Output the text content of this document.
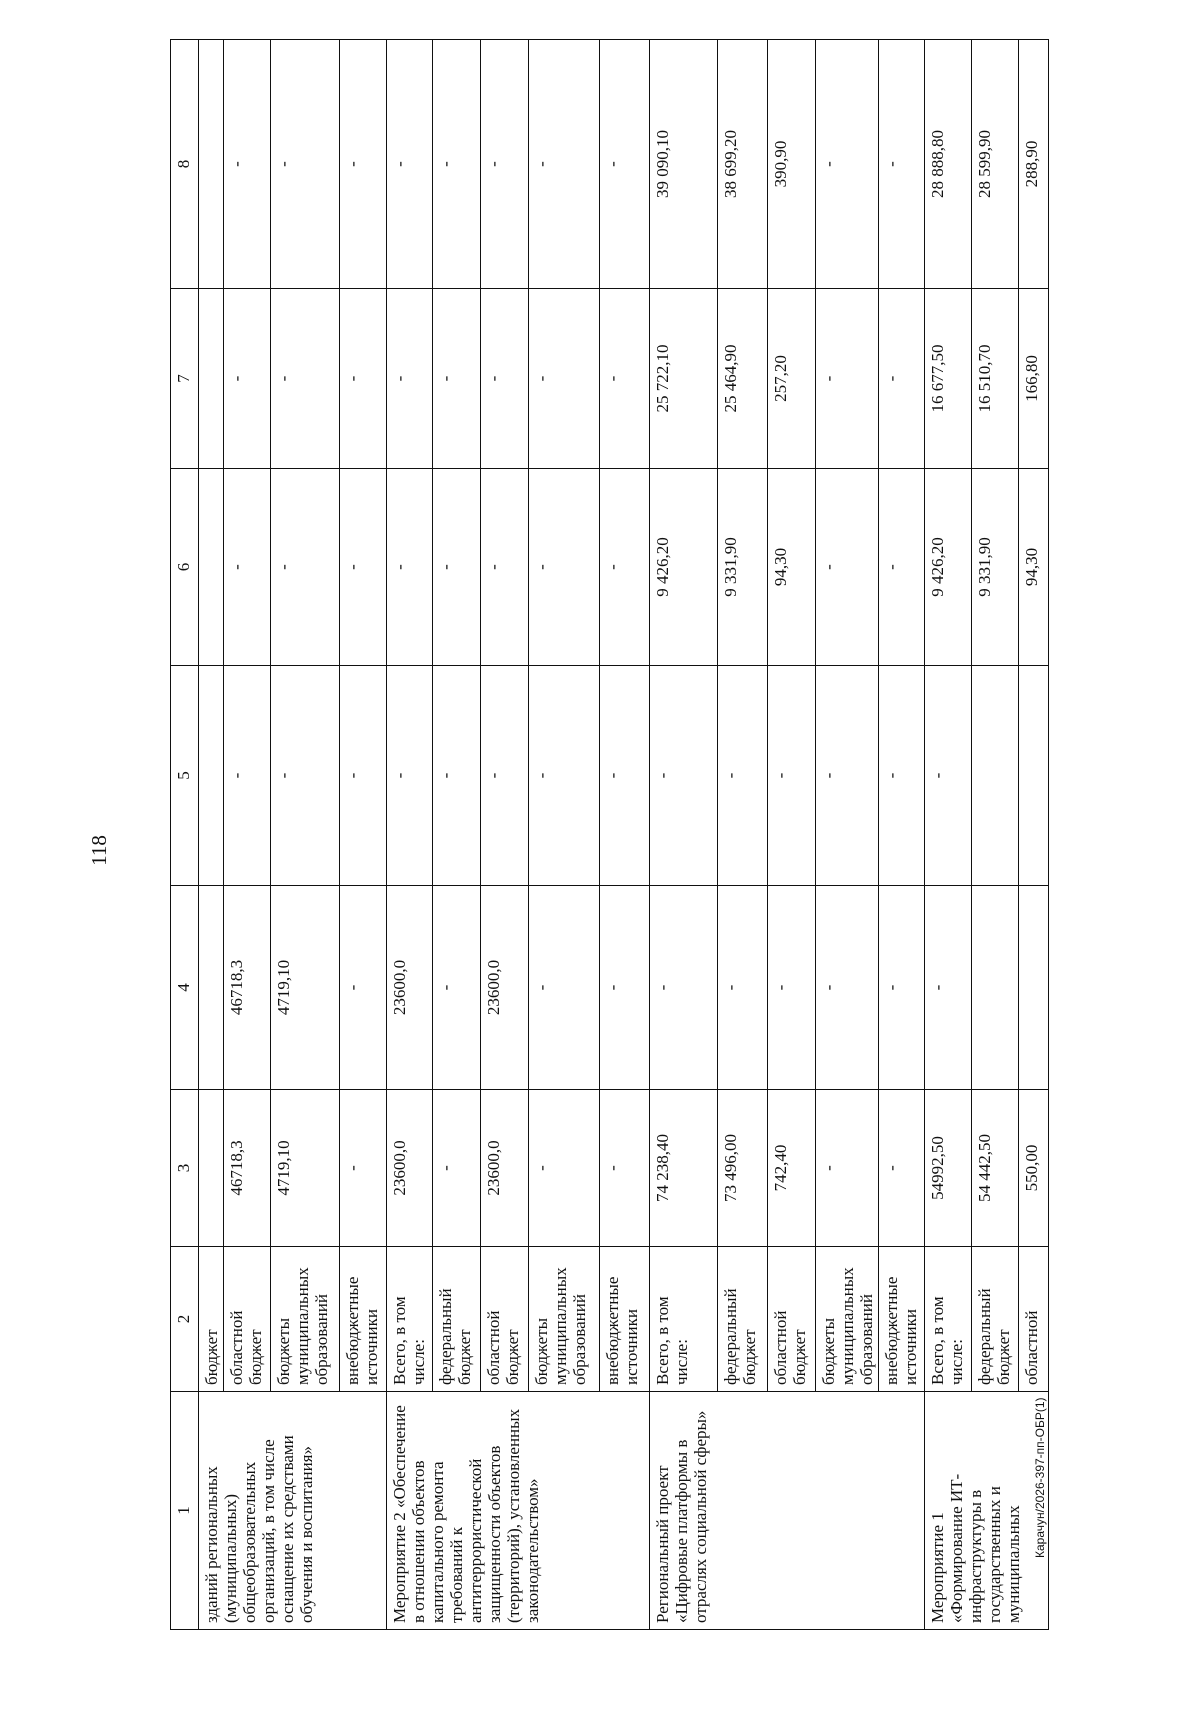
118
1	2	3	4	5	6	7	8
зданий региональных (муниципальных) общеобразовательных организаций, в том числе оснащение их средствами обучения и воспитания»	бюджет						
	областной бюджет	46718,3	46718,3	-	-	-	-
	бюджеты муниципальных образований	4719,10	4719,10	-	-	-	-
	внебюджетные источники	-	-	-	-	-	-
Мероприятие 2 «Обеспечение в отношении объектов капитального ремонта требований к антитеррористической защищенности объектов (территорий), установленных законодательством»	Всего, в том числе:	23600,0	23600,0	-	-	-	-
	федеральный бюджет	-	-	-	-	-	-
	областной бюджет	23600,0	23600,0	-	-	-	-
	бюджеты муниципальных образований	-	-	-	-	-	-
	внебюджетные источники	-	-	-	-	-	-
Региональный проект «Цифровые платформы в отраслях социальной сферы»	Всего, в том числе:	74 238,40	-	-	9 426,20	25 722,10	39 090,10
	федеральный бюджет	73 496,00	-	-	9 331,90	25 464,90	38 699,20
	областной бюджет	742,40	-	-	94,30	257,20	390,90
	бюджеты муниципальных образований	-	-	-	-	-	-
	внебюджетные источники	-	-	-	-	-	-
Мероприятие 1 «Формирование ИТ-инфраструктуры в государственных и муниципальных	Всего, в том числе:	54992,50	-	-	9 426,20	16 677,50	28 888,80
	федеральный бюджет	54 442,50			9 331,90	16 510,70	28 599,90
	областной	550,00			94,30	166,80	288,90
Карачун/2026-397-пп-ОБР(1)
